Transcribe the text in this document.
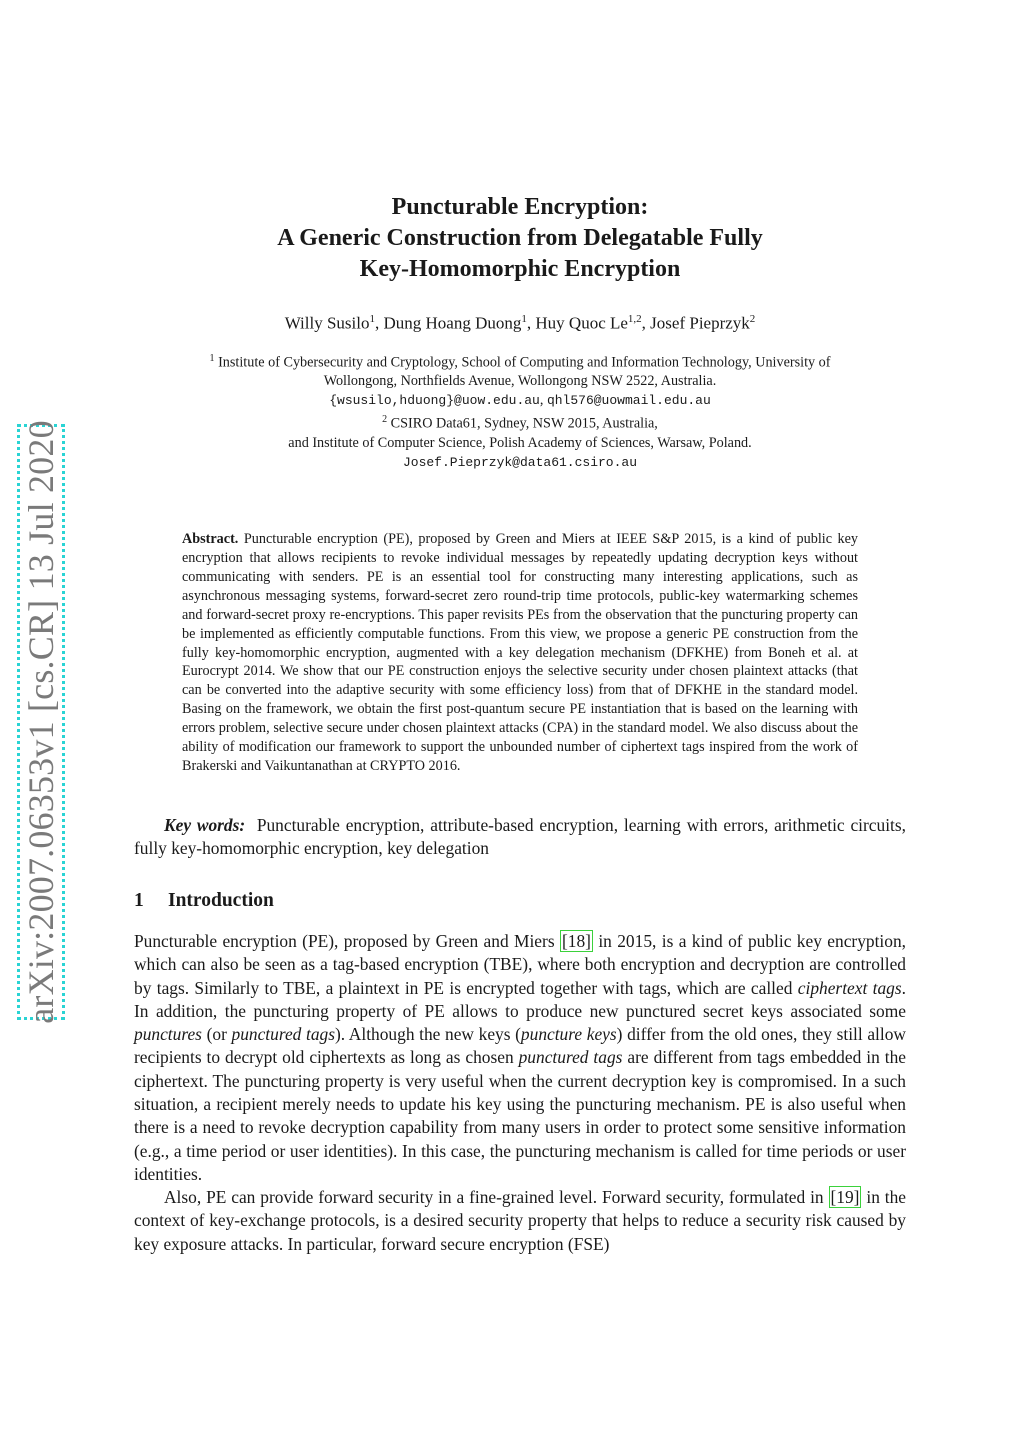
arXiv:2007.06353v1 [cs.CR] 13 Jul 2020
Puncturable Encryption:
A Generic Construction from Delegatable Fully
Key-Homomorphic Encryption
Willy Susilo$^1$, Dung Hoang Duong$^1$, Huy Quoc Le$^{1,2}$, Josef Pieprzyk$^2$
$^1$ Institute of Cybersecurity and Cryptology, School of Computing and Information Technology, University of
Wollongong, Northfields Avenue, Wollongong NSW 2522, Australia.
{wsusilo,hduong}@uow.edu.au, qhl576@uowmail.edu.au
$^2$ CSIRO Data61, Sydney, NSW 2015, Australia,
and Institute of Computer Science, Polish Academy of Sciences, Warsaw, Poland.
Josef.Pieprzyk@data61.csiro.au
Abstract. Puncturable encryption (PE), proposed by Green and Miers at IEEE S&P 2015, is a kind of public key encryption that allows recipients to revoke individual messages by repeatedly updating decryption keys without communicating with senders. PE is an essential tool for constructing many interesting applications, such as asynchronous messaging systems, forward-secret zero round-trip time protocols, public-key watermarking schemes and forward-secret proxy re-encryptions. This paper revisits PEs from the observation that the puncturing property can be implemented as efficiently computable functions. From this view, we propose a generic PE construction from the fully key-homomorphic encryption, augmented with a key delegation mechanism (DFKHE) from Boneh et al. at Eurocrypt 2014. We show that our PE construction enjoys the selective security under chosen plaintext attacks (that can be converted into the adaptive security with some efficiency loss) from that of DFKHE in the standard model. Basing on the framework, we obtain the first post-quantum secure PE instantiation that is based on the learning with errors problem, selective secure under chosen plaintext attacks (CPA) in the standard model. We also discuss about the ability of modification our framework to support the unbounded number of ciphertext tags inspired from the work of Brakerski and Vaikuntanathan at CRYPTO 2016.
Key words: Puncturable encryption, attribute-based encryption, learning with errors, arithmetic circuits, fully key-homomorphic encryption, key delegation
1	Introduction

Puncturable encryption (PE), proposed by Green and Miers [18] in 2015, is a kind of public key encryption, which can also be seen as a tag-based encryption (TBE), where both encryption and decryption are controlled by tags. Similarly to TBE, a plaintext in PE is encrypted together with tags, which are called ciphertext tags. In addition, the puncturing property of PE allows to produce new punctured secret keys associated some punctures (or punctured tags). Although the new keys (puncture keys) differ from the old ones, they still allow recipients to decrypt old ciphertexts as long as chosen punctured tags are different from tags embedded in the ciphertext. The puncturing property is very useful when the current decryption key is compromised. In a such situation, a recipient merely needs to update his key using the puncturing mechanism. PE is also useful when there is a need to revoke decryption capability from many users in order to protect some sensitive information (e.g., a time period or user identities). In this case, the puncturing mechanism is called for time periods or user identities.

Also, PE can provide forward security in a fine-grained level. Forward security, formulated in [19] in the context of key-exchange protocols, is a desired security property that helps to reduce a security risk caused by key exposure attacks. In particular, forward secure encryption (FSE)
